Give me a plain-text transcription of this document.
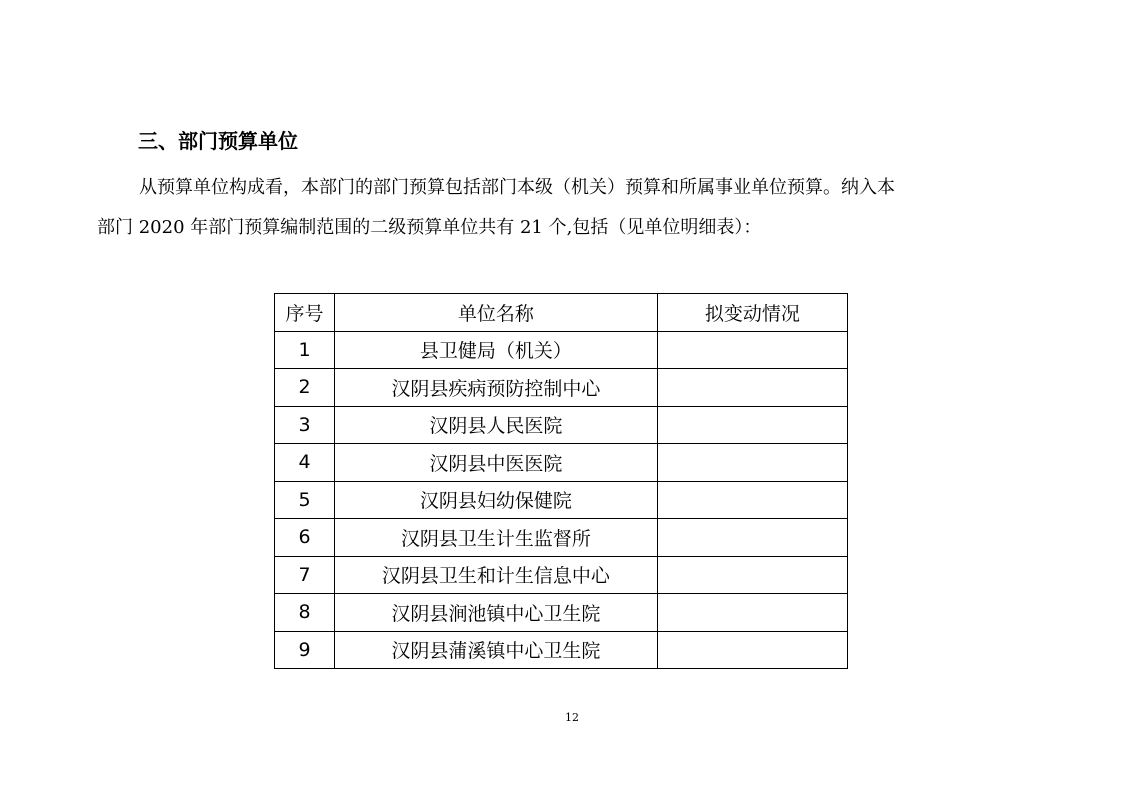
三、部门预算单位

从预算单位构成看，本部门的部门预算包括部门本级（机关）预算和所属事业单位预算。纳入本
部门 2020 年部门预算编制范围的二级预算单位共有 21 个,包括（见单位明细表）：

序号	单位名称	拟变动情况
1	县卫健局（机关）	
2	汉阴县疾病预防控制中心	
3	汉阴县人民医院	
4	汉阴县中医医院	
5	汉阴县妇幼保健院	
6	汉阴县卫生计生监督所	
7	汉阴县卫生和计生信息中心	
8	汉阴县涧池镇中心卫生院	
9	汉阴县蒲溪镇中心卫生院	
12
